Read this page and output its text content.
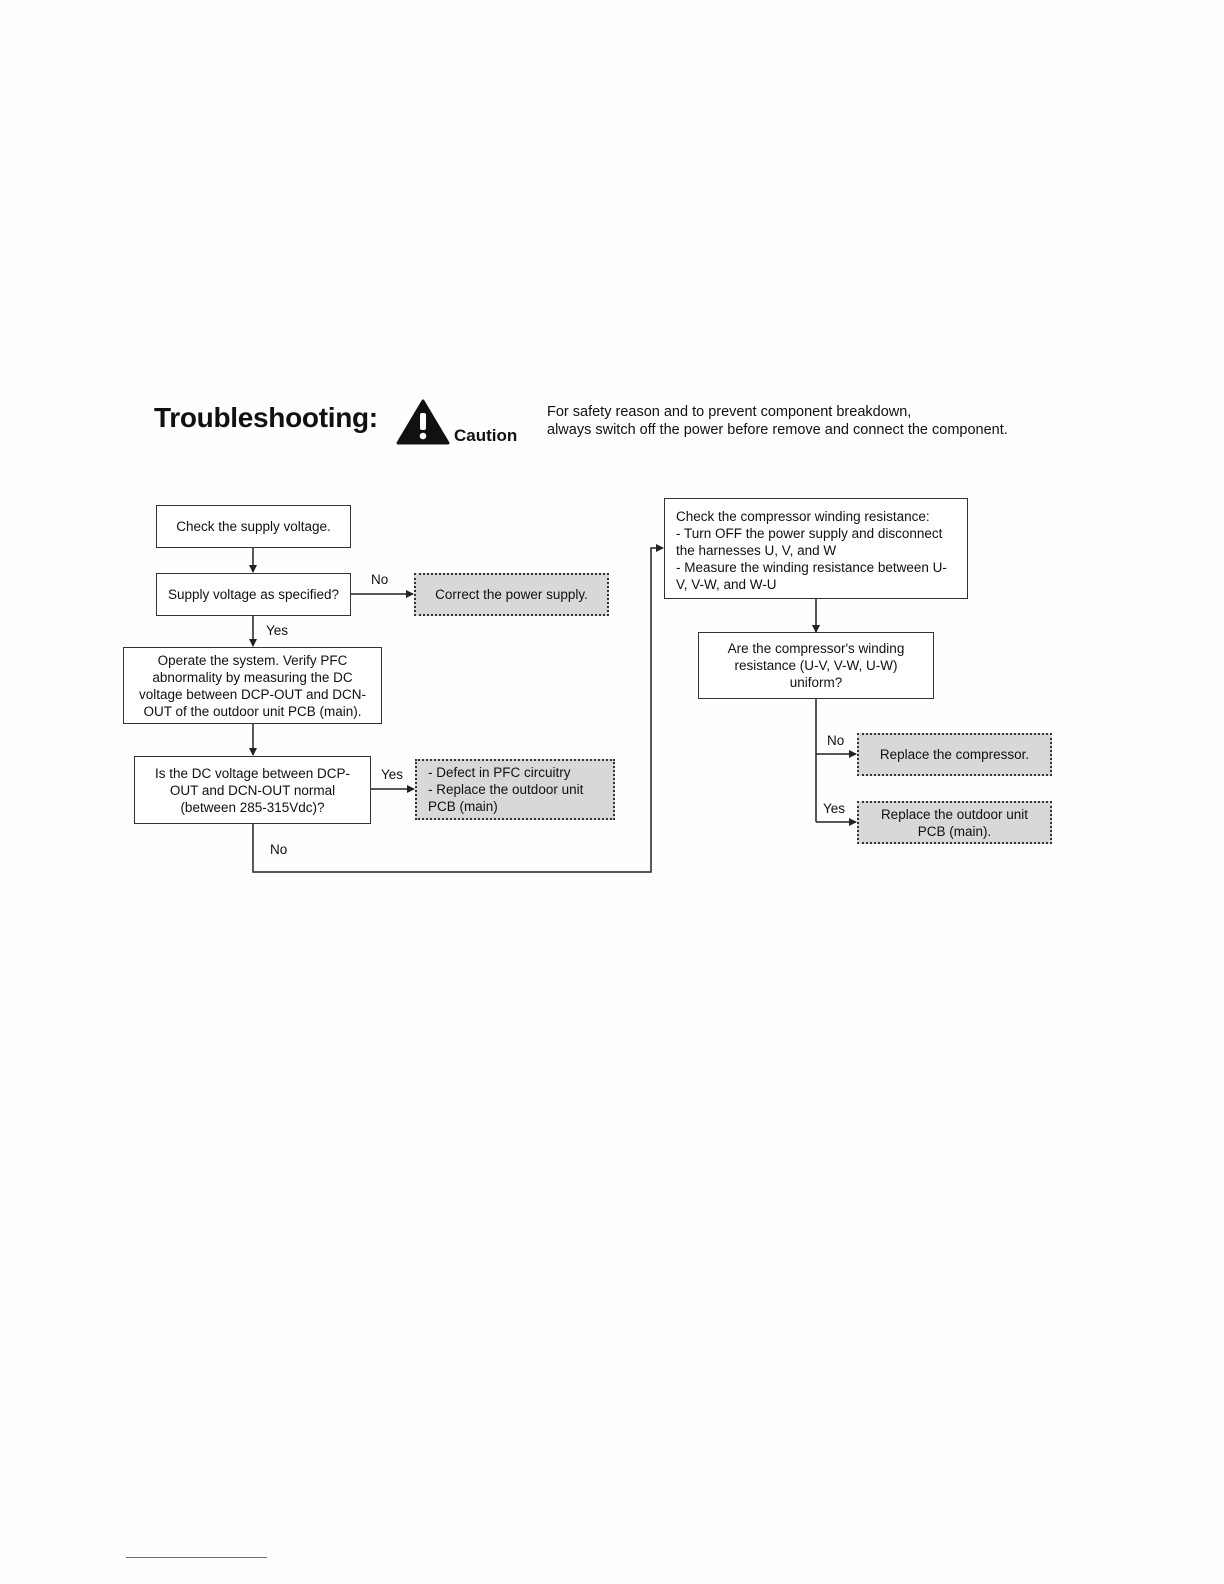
Troubleshooting:
Caution
For safety reason and to prevent component breakdown,
always switch off the power before remove and connect the component.
Check the supply voltage.
Supply voltage as specified?	Correct the power supply.
Operate the system. Verify PFC
abnormality by measuring the DC
voltage between DCP-OUT and DCN-
OUT of the outdoor unit PCB (main).
Is the DC voltage between DCP-
OUT and DCN-OUT normal
(between 285-315Vdc)?
- Defect in PFC circuitry
- Replace the outdoor unit
PCB (main)
Check the compressor winding resistance:
- Turn OFF the power supply and disconnect
the harnesses U, V, and W
- Measure the winding resistance between U-
V, V-W, and W-U
Are the compressor's winding
resistance (U-V, V-W, U-W)
uniform?
Replace the compressor.
Replace the outdoor unit
PCB (main).
No
Yes
Yes
No
No
Yes
